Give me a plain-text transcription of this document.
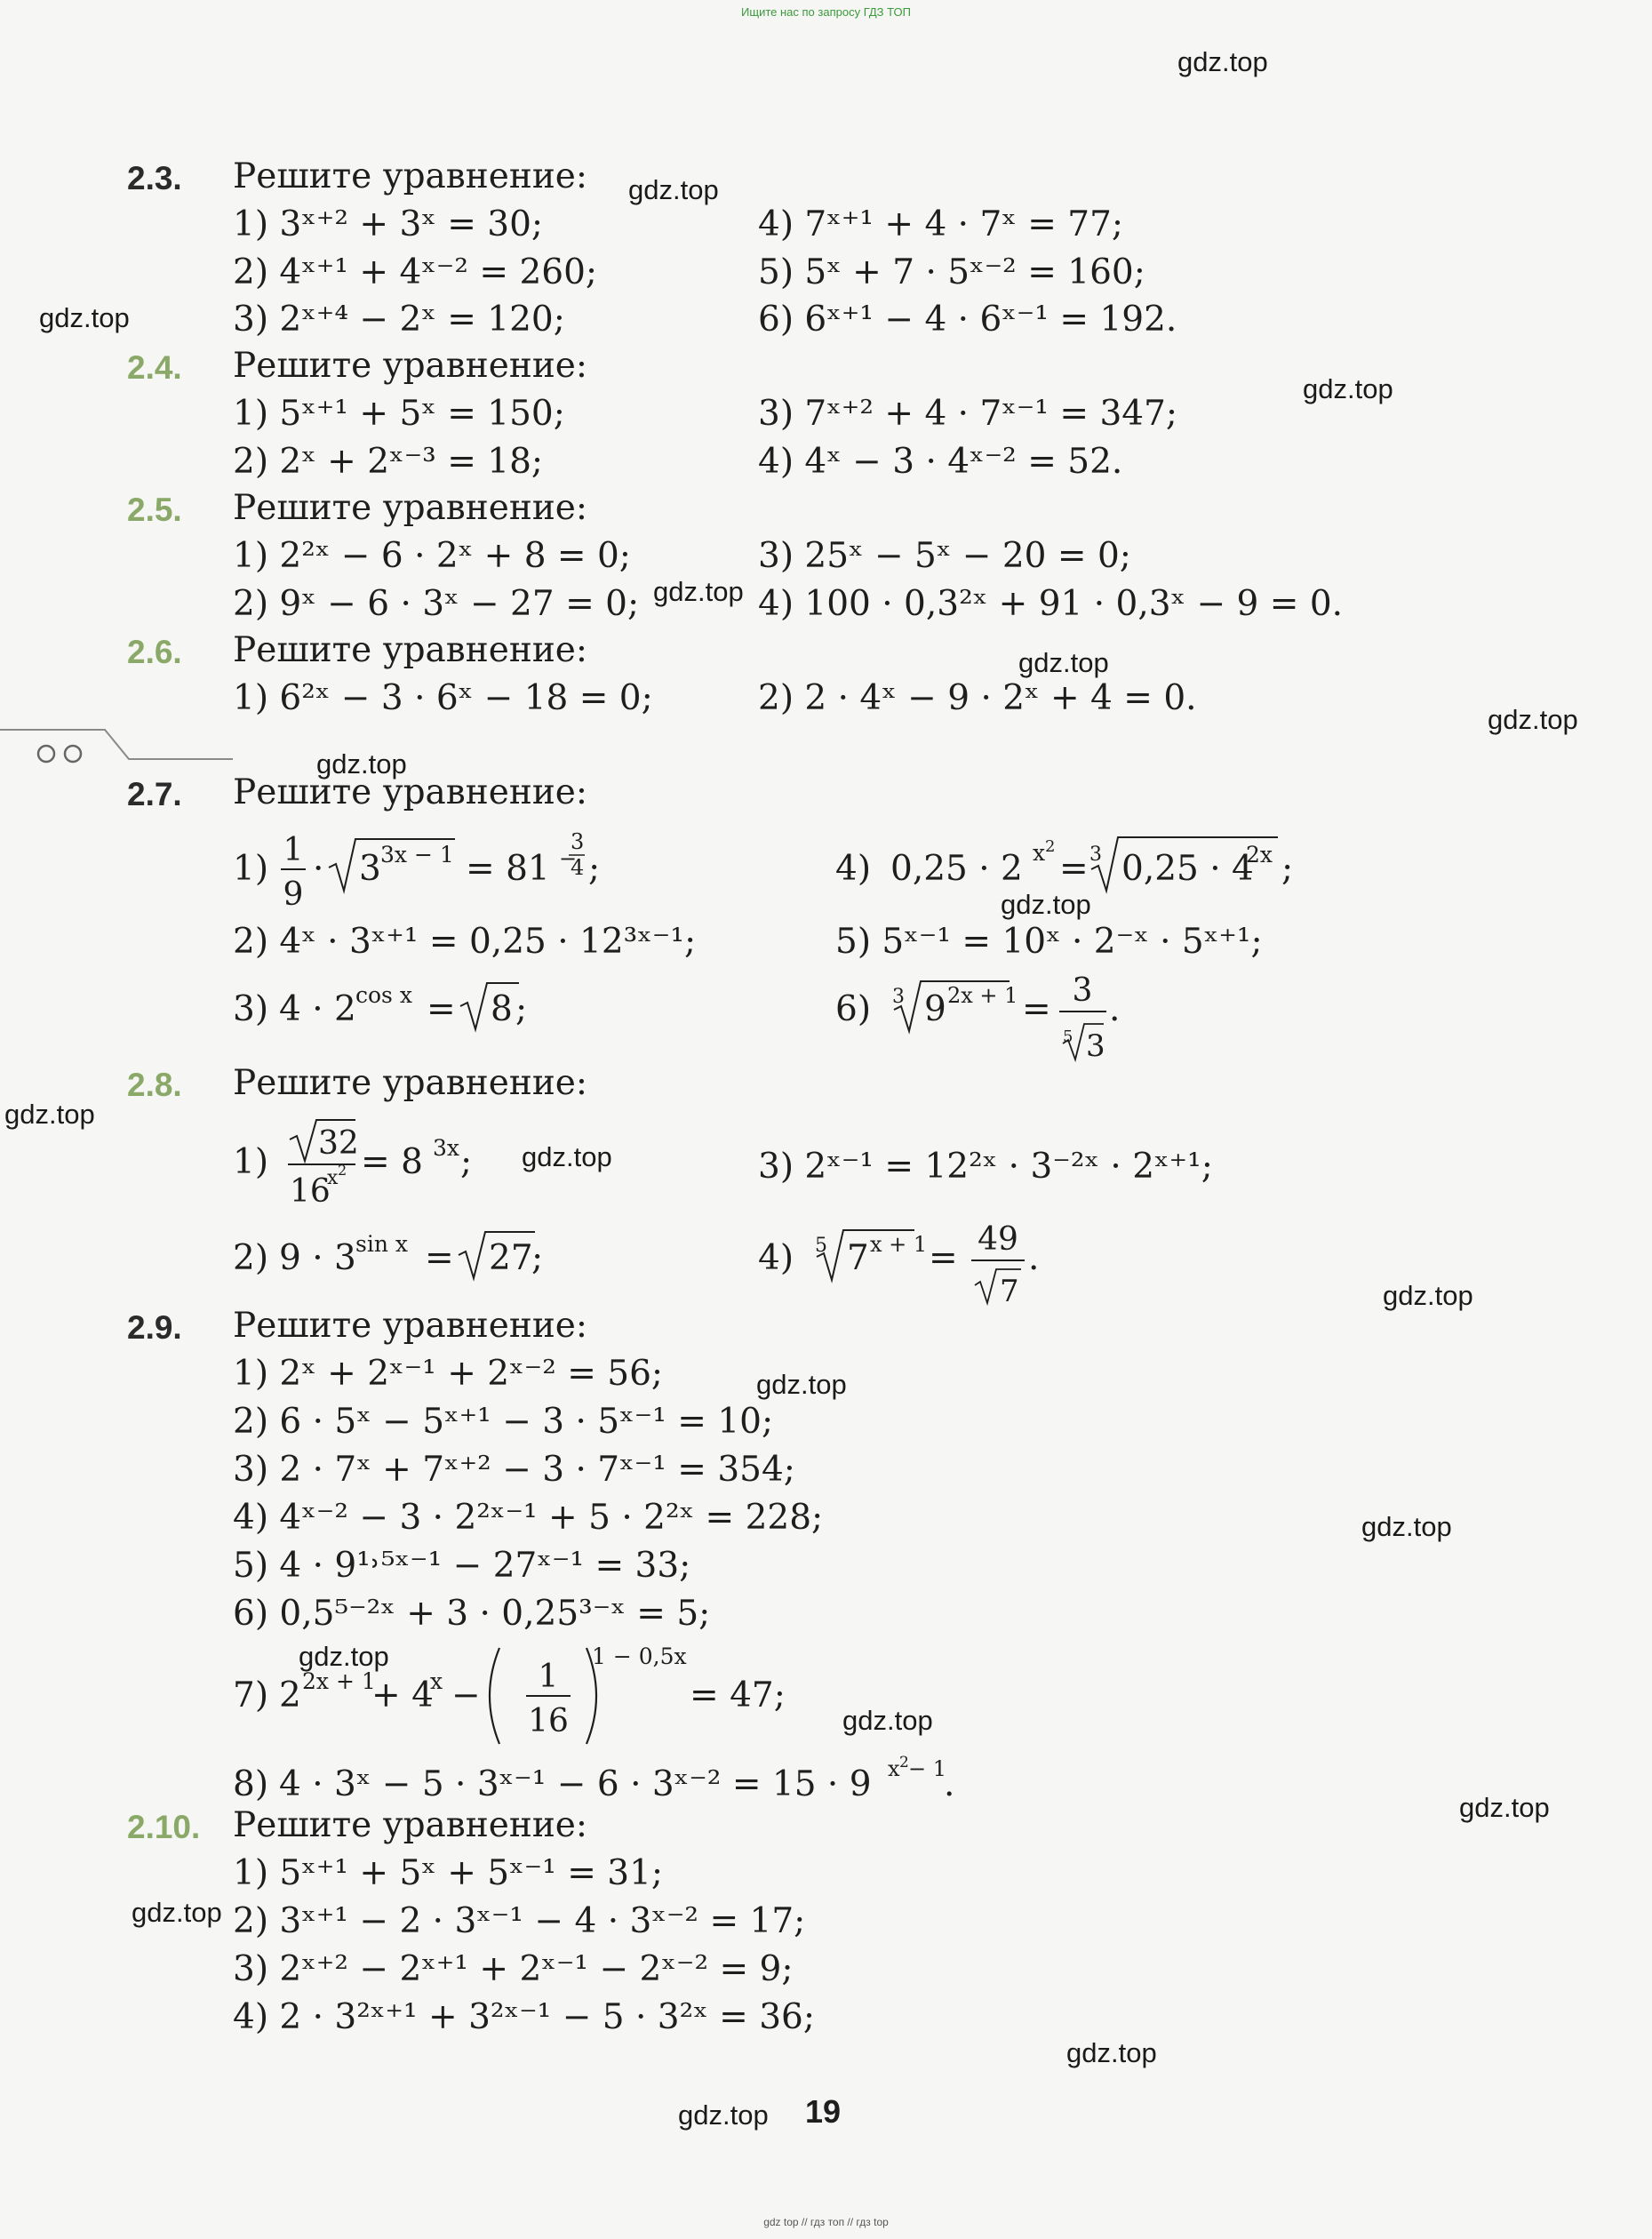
Ищите нас по запросу ГДЗ ТОП
gdz.top
gdz.top
gdz.top
gdz.top
gdz.top
gdz.top
gdz.top
gdz.top
gdz.top
gdz.top
gdz.top
gdz.top
gdz.top
gdz.top
gdz.top
gdz.top
gdz.top
gdz.top
gdz.top
gdz.top
2.3. Решите уравнение:
1) 3ˣ⁺² + 3ˣ = 30;
2) 4ˣ⁺¹ + 4ˣ⁻² = 260;
3) 2ˣ⁺⁴ − 2ˣ = 120;
4) 7ˣ⁺¹ + 4 · 7ˣ = 77;
5) 5ˣ + 7 · 5ˣ⁻² = 160;
6) 6ˣ⁺¹ − 4 · 6ˣ⁻¹ = 192.
2.4. Решите уравнение:
1) 5ˣ⁺¹ + 5ˣ = 150;
2) 2ˣ + 2ˣ⁻³ = 18;
3) 7ˣ⁺² + 4 · 7ˣ⁻¹ = 347;
4) 4ˣ − 3 · 4ˣ⁻² = 52.
2.5. Решите уравнение:
1) 2²ˣ − 6 · 2ˣ + 8 = 0;
2) 9ˣ − 6 · 3ˣ − 27 = 0;
3) 25ˣ − 5ˣ − 20 = 0;
4) 100 · 0,3²ˣ + 91 · 0,3ˣ − 9 = 0.
2.6. Решите уравнение:
1) 6²ˣ − 3 · 6ˣ − 18 = 0;	2) 2 · 4ˣ − 9 · 2ˣ + 4 = 0.
2.7. Решите уравнение:
1) 1
9
· 3 3x − 1 = 81
3
−
4 ;	4) 0,25 · 2 x 2
= 3 0,25 · 4
2x ;
2) 4ˣ · 3ˣ⁺¹ = 0,25 · 12³ˣ⁻¹;	5) 5ˣ⁻¹ = 10ˣ · 2⁻ˣ · 5ˣ⁺¹;
3) 4 · 2 cos x = 8 ;	6) 3 9 2x + 1 = 3
5 3
.
2.8. Решите уравнение:
1) 32
16
x 2 = 8 3x ;	3) 2ˣ⁻¹ = 12²ˣ · 3⁻²ˣ · 2ˣ⁺¹;
2) 9 · 3 sin x = 27
;	4) 5 7 x + 1 = 49
7
.
2.9. Решите уравнение:
1) 2ˣ + 2ˣ⁻¹ + 2ˣ⁻² = 56;
2) 6 · 5ˣ − 5ˣ⁺¹ − 3 · 5ˣ⁻¹ = 10;
3) 2 · 7ˣ + 7ˣ⁺² − 3 · 7ˣ⁻¹ = 354;
4) 4ˣ⁻² − 3 · 2²ˣ⁻¹ + 5 · 2²ˣ = 228;
5) 4 · 9¹˒⁵ˣ⁻¹ − 27ˣ⁻¹ = 33;
6) 0,5⁵⁻²ˣ + 3 · 0,25³⁻ˣ = 5;
7) 2 2x + 1
+ 4
x − 1
16
1 − 0,5x
= 47;
8) 4 · 3ˣ − 5 · 3ˣ⁻¹ − 6 · 3ˣ⁻² = 15 · 9 x 2 − 1
.
2.10. Решите уравнение:
1) 5ˣ⁺¹ + 5ˣ + 5ˣ⁻¹ = 31;
2) 3ˣ⁺¹ − 2 · 3ˣ⁻¹ − 4 · 3ˣ⁻² = 17;
3) 2ˣ⁺² − 2ˣ⁺¹ + 2ˣ⁻¹ − 2ˣ⁻² = 9;
4) 2 · 3²ˣ⁺¹ + 3²ˣ⁻¹ − 5 · 3²ˣ = 36;
19
gdz top // гдз топ // гдз top
